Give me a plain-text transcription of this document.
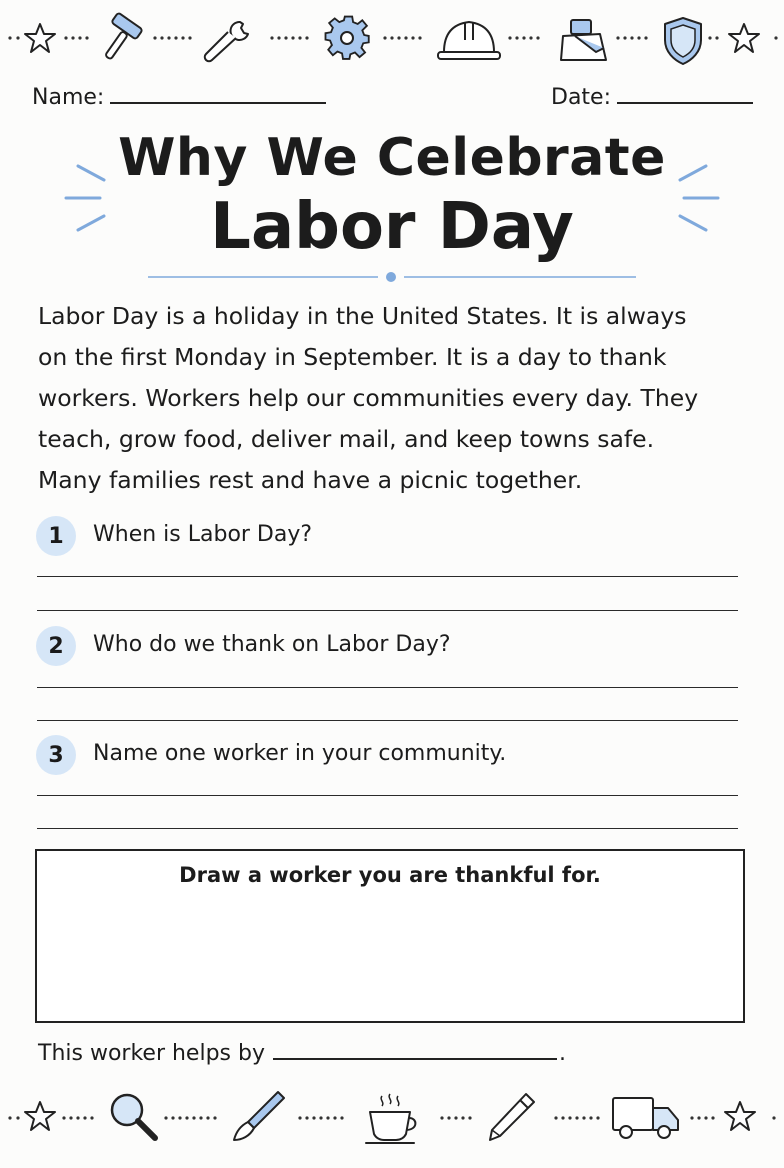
Name:	Date:
Why We Celebrate
Labor Day
Labor Day is a holiday in the United States. It is always
on the first Monday in September. It is a day to thank
workers. Workers help our communities every day. They
teach, grow food, deliver mail, and keep towns safe.
Many families rest and have a picnic together.
1	When is Labor Day?
2	Who do we thank on Labor Day?
3	Name one worker in your community.
Draw a worker you are thankful for.
This worker helps by	.
